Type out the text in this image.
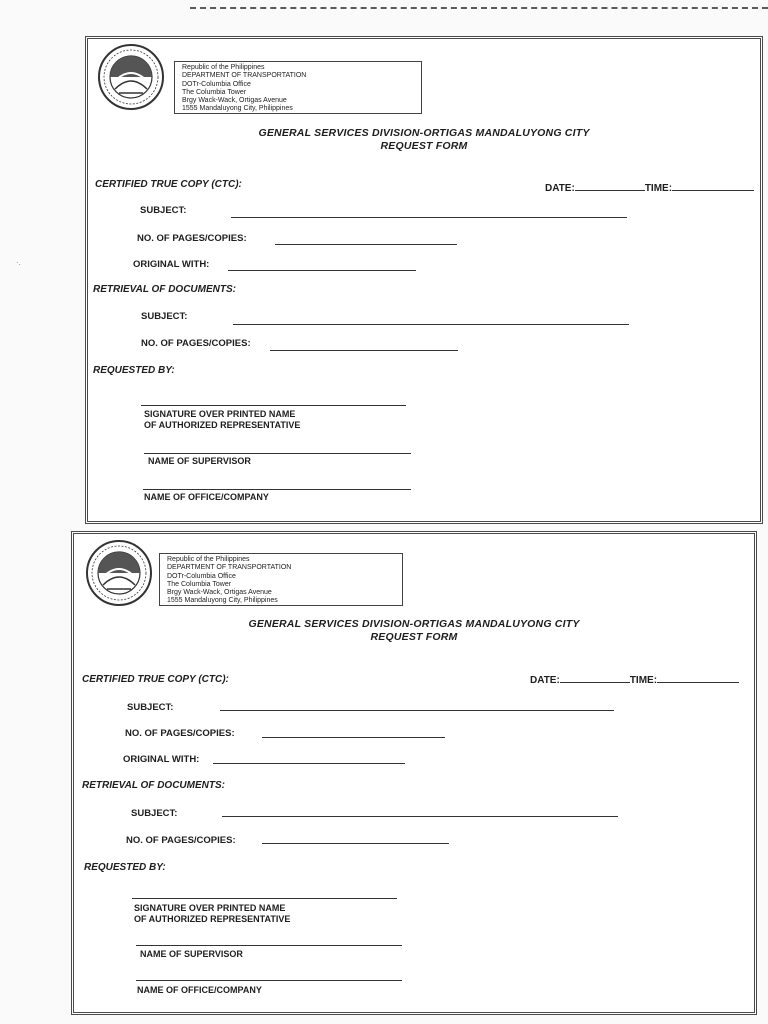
·.
Republic of the Philippines
DEPARTMENT OF TRANSPORTATION
DOTr-Columbia Office
The Columbia Tower
Brgy Wack-Wack, Ortigas Avenue
1555 Mandaluyong City, Philippines
GENERAL SERVICES DIVISION-ORTIGAS MANDALUYONG CITY
REQUEST FORM
CERTIFIED TRUE COPY (CTC):	DATE:	TIME:
SUBJECT:
NO. OF PAGES/COPIES:
ORIGINAL WITH:
RETRIEVAL OF DOCUMENTS:
SUBJECT:
NO. OF PAGES/COPIES:
REQUESTED BY:
SIGNATURE OVER PRINTED NAME
OF AUTHORIZED REPRESENTATIVE
NAME OF SUPERVISOR
NAME OF OFFICE/COMPANY
Republic of the Philippines
DEPARTMENT OF TRANSPORTATION
DOTr-Columbia Office
The Columbia Tower
Brgy Wack-Wack, Ortigas Avenue
1555 Mandaluyong City, Philippines
GENERAL SERVICES DIVISION-ORTIGAS MANDALUYONG CITY
REQUEST FORM
CERTIFIED TRUE COPY (CTC):	DATE:	TIME:
SUBJECT:
NO. OF PAGES/COPIES:
ORIGINAL WITH:
RETRIEVAL OF DOCUMENTS:
SUBJECT:
NO. OF PAGES/COPIES:
REQUESTED BY:
SIGNATURE OVER PRINTED NAME
OF AUTHORIZED REPRESENTATIVE
NAME OF SUPERVISOR
NAME OF OFFICE/COMPANY
